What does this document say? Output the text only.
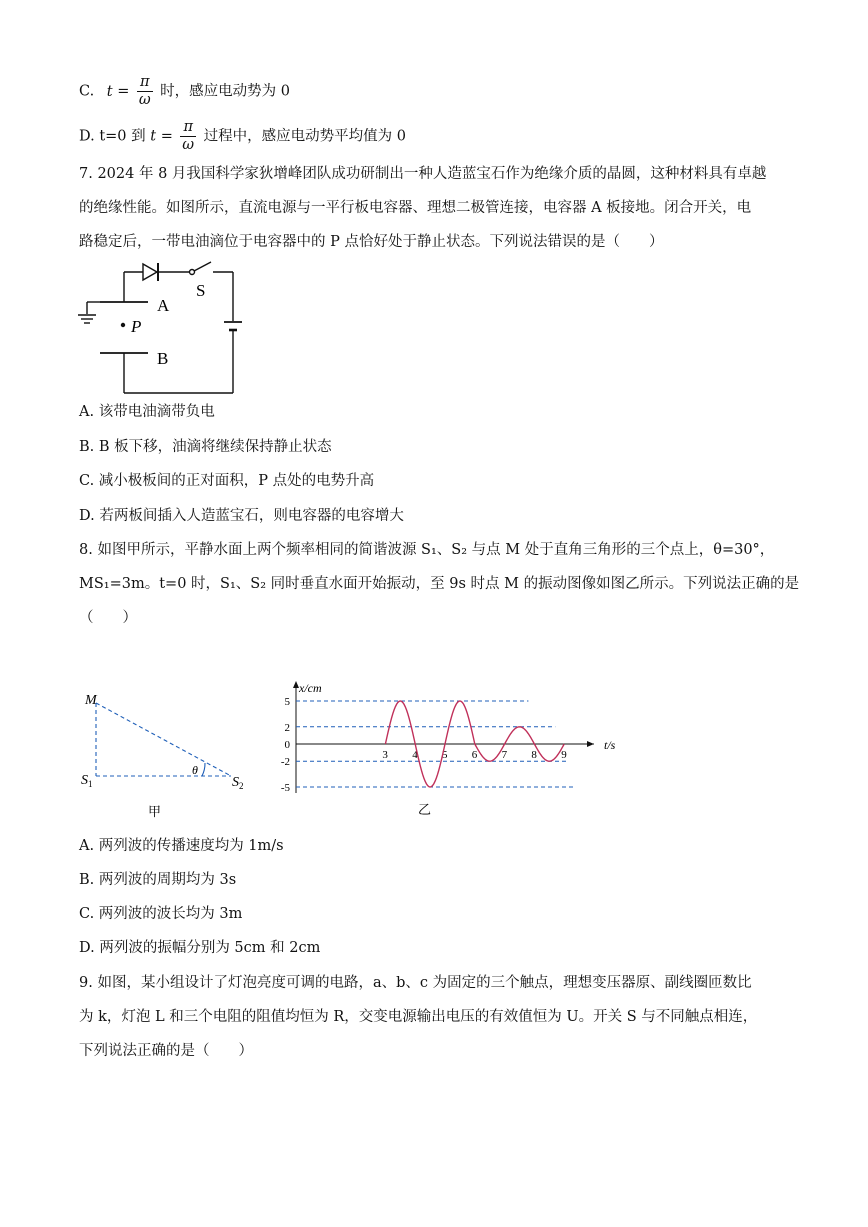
C. $t = \frac{\pi}{\omega}$ 时，感应电动势为 0
D. t=0 到 $t = \frac{\pi}{\omega}$ 过程中，感应电动势平均值为 0
7. 2024 年 8 月我国科学家狄增峰团队成功研制出一种人造蓝宝石作为绝缘介质的晶圆，这种材料具有卓越
的绝缘性能。如图所示，直流电源与一平行板电容器、理想二极管连接，电容器 A 板接地。闭合开关，电
路稳定后，一带电油滴位于电容器中的 P 点恰好处于静止状态。下列说法错误的是（　　）
S
A
P
B
A. 该带电油滴带负电
B. B 板下移，油滴将继续保持静止状态
C. 减小极板间的正对面积，P 点处的电势升高
D. 若两板间插入人造蓝宝石，则电容器的电容增大
8. 如图甲所示，平静水面上两个频率相同的简谐波源 S₁、S₂ 与点 M 处于直角三角形的三个点上，θ=30°，
MS₁=3m。t=0 时，S₁、S₂ 同时垂直水面开始振动，至 9s 时点 M 的振动图像如图乙所示。下列说法正确的是
（　　）
M
θ
$S_1$	$S_2$
甲	乙
x/cm
t/s
5
2
0
-2
-5
3 4 5 6 7 8 9
A. 两列波的传播速度均为 1m/s
B. 两列波的周期均为 3s
C. 两列波的波长均为 3m
D. 两列波的振幅分别为 5cm 和 2cm
9. 如图，某小组设计了灯泡亮度可调的电路，a、b、c 为固定的三个触点，理想变压器原、副线圈匝数比
为 k，灯泡 L 和三个电阻的阻值均恒为 R，交变电源输出电压的有效值恒为 U。开关 S 与不同触点相连，
下列说法正确的是（　　）
